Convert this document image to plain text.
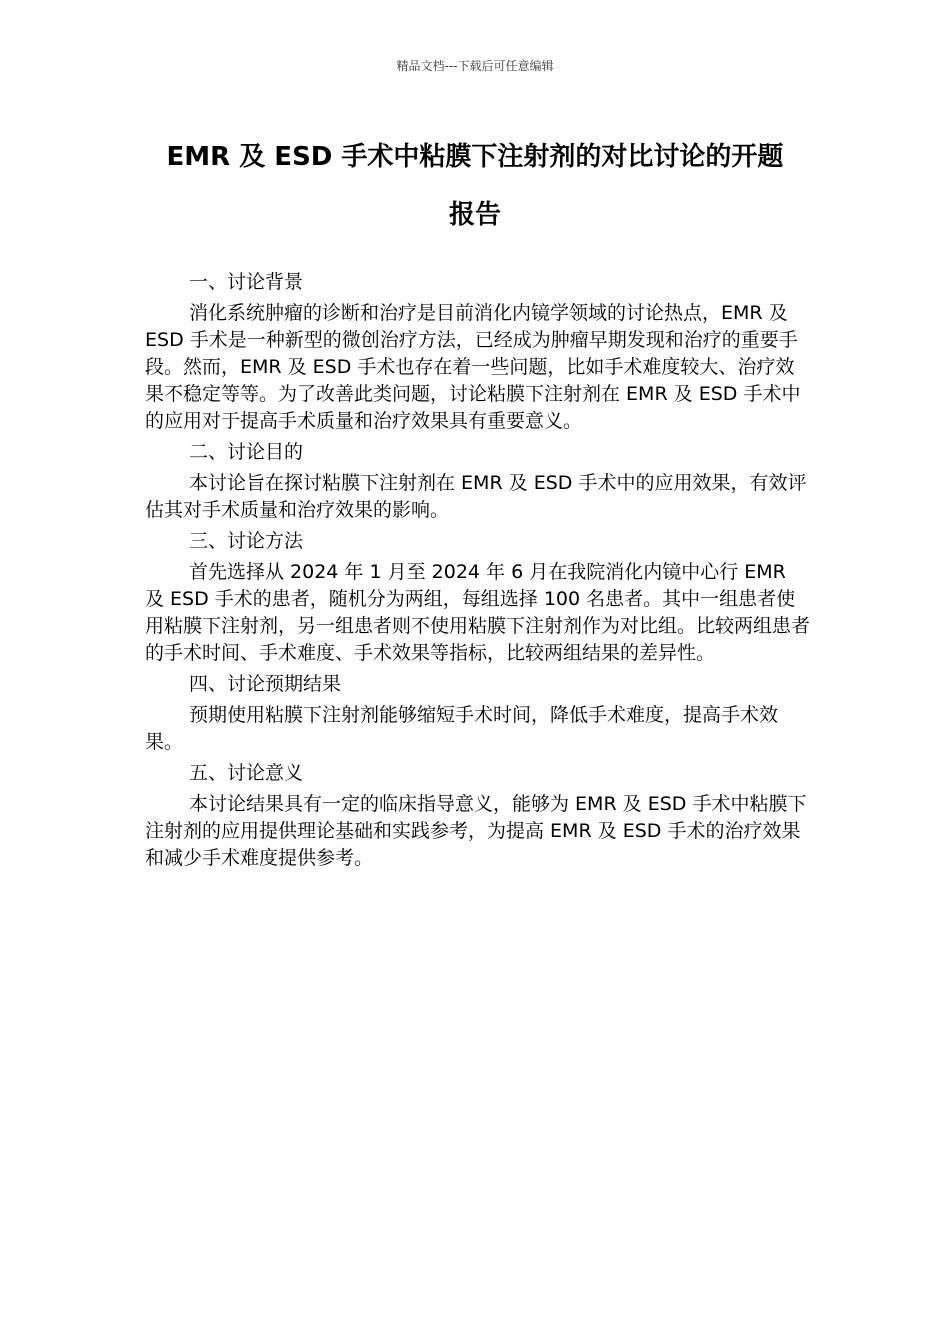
精品文档---下载后可任意编辑
EMR 及 ESD 手术中粘膜下注射剂的对比讨论的开题
报告

一、讨论背景

消化系统肿瘤的诊断和治疗是目前消化内镜学领域的讨论热点，EMR 及 ESD 手术是一种新型的微创治疗方法，已经成为肿瘤早期发现和治疗的重要手段。然而，EMR 及 ESD 手术也存在着一些问题，比如手术难度较大、治疗效果不稳定等等。为了改善此类问题，讨论粘膜下注射剂在 EMR 及 ESD 手术中的应用对于提高手术质量和治疗效果具有重要意义。

二、讨论目的

本讨论旨在探讨粘膜下注射剂在 EMR 及 ESD 手术中的应用效果，有效评估其对手术质量和治疗效果的影响。

三、讨论方法

首先选择从 2024 年 1 月至 2024 年 6 月在我院消化内镜中心行 EMR 及 ESD 手术的患者，随机分为两组，每组选择 100 名患者。其中一组患者使用粘膜下注射剂，另一组患者则不使用粘膜下注射剂作为对比组。比较两组患者的手术时间、手术难度、手术效果等指标，比较两组结果的差异性。

四、讨论预期结果

预期使用粘膜下注射剂能够缩短手术时间，降低手术难度，提高手术效果。

五、讨论意义

本讨论结果具有一定的临床指导意义，能够为 EMR 及 ESD 手术中粘膜下注射剂的应用提供理论基础和实践参考，为提高 EMR 及 ESD 手术的治疗效果和减少手术难度提供参考。
